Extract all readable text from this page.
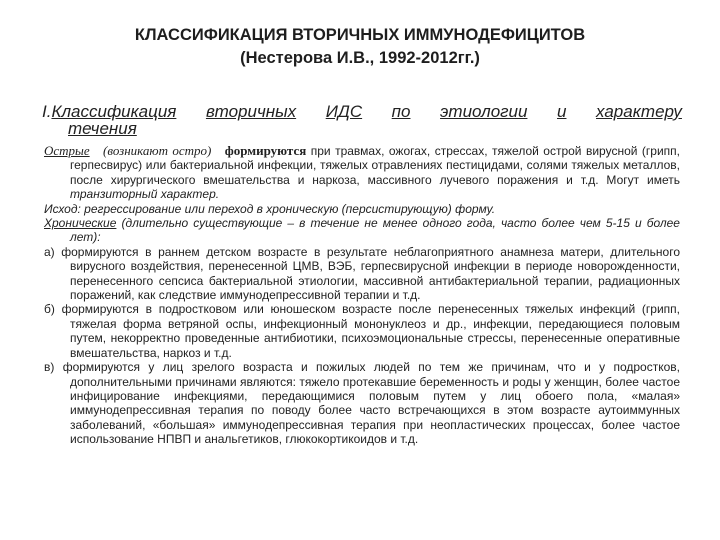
КЛАССИФИКАЦИЯ ВТОРИЧНЫХ ИММУНОДЕФИЦИТОВ
(Нестерова И.В., 1992-2012гг.)
I.Классификация вторичных ИДС по этиологии и характеру
течения
Острые (возникают остро) формируются при травмах, ожогах, стрессах, тяжелой острой вирусной (грипп, герпесвирус) или бактериальной инфекции, тяжелых отравлениях пестицидами, солями тяжелых металлов, после хирургического вмешательства и наркоза, массивного лучевого поражения и т.д. Могут иметь транзиторный характер.
Исход: регрессирование или переход в хроническую (персистирующую) форму.
Хронические (длительно существующие – в течение не менее одного года, часто более чем 5-15 и более лет):
а) формируются в раннем детском возрасте в результате неблагоприятного анамнеза матери, длительного вирусного воздействия, перенесенной ЦМВ, ВЭБ, герпесвирусной инфекции в периоде новорожденности, перенесенного сепсиса бактериальной этиологии, массивной антибактериальной терапии, радиационных поражений, как следствие иммунодепрессивной терапии и т.д.
б) формируются в подростковом или юношеском возрасте после перенесенных тяжелых инфекций (грипп, тяжелая форма ветряной оспы, инфекционный мононуклеоз и др., инфекции, передающиеся половым путем, некорректно проведенные антибиотики, психоэмоциональные стрессы, перенесенные оперативные вмешательства, наркоз и т.д.
в) формируются у лиц зрелого возраста и пожилых людей по тем же причинам, что и у подростков, дополнительными причинами являются: тяжело протекавшие беременность и роды у женщин, более частое инфицирование инфекциями, передающимися половым путем у лиц обоего пола, «малая» иммунодепрессивная терапия по поводу более часто встречающихся в этом возрасте аутоиммунных заболеваний, «большая» иммунодепрессивная терапия при неопластических процессах, более частое использование НПВП и анальгетиков, глюкокортикоидов и т.д.
